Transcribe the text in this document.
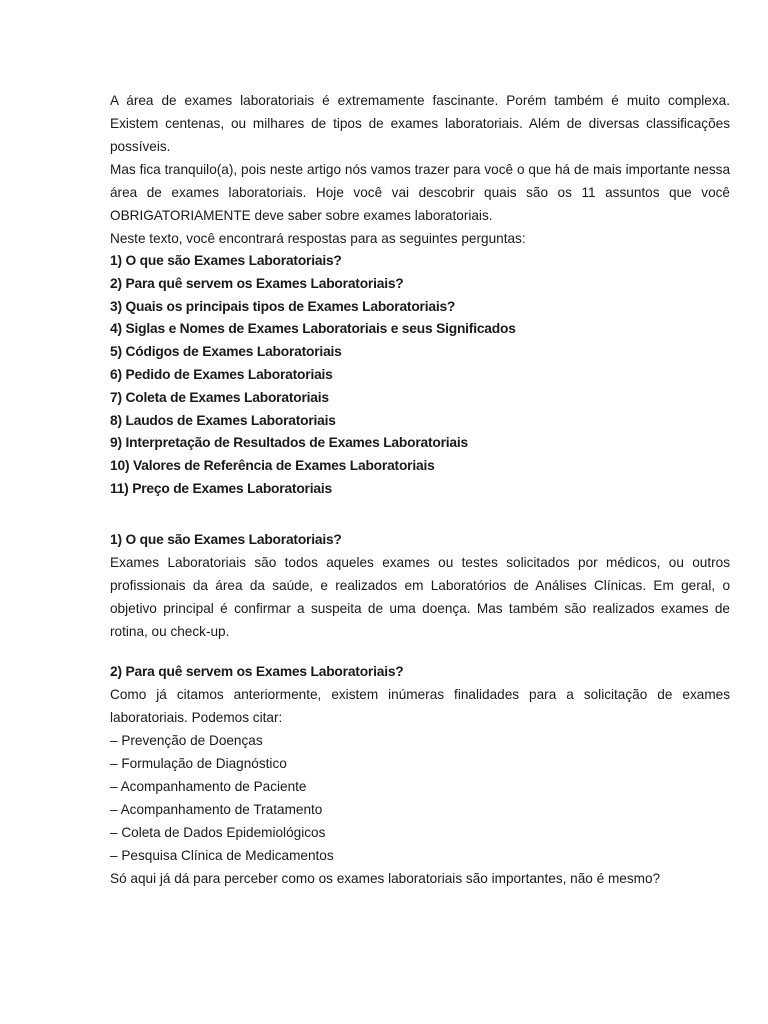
A área de exames laboratoriais é extremamente fascinante. Porém também é muito complexa. Existem centenas, ou milhares de tipos de exames laboratoriais. Além de diversas classificações possíveis.

Mas fica tranquilo(a), pois neste artigo nós vamos trazer para você o que há de mais importante nessa área de exames laboratoriais. Hoje você vai descobrir quais são os 11 assuntos que você OBRIGATORIAMENTE deve saber sobre exames laboratoriais.

Neste texto, você encontrará respostas para as seguintes perguntas:

1) O que são Exames Laboratoriais?
2) Para quê servem os Exames Laboratoriais?
3) Quais os principais tipos de Exames Laboratoriais?
4) Siglas e Nomes de Exames Laboratoriais e seus Significados
5) Códigos de Exames Laboratoriais
6) Pedido de Exames Laboratoriais
7) Coleta de Exames Laboratoriais
8) Laudos de Exames Laboratoriais
9) Interpretação de Resultados de Exames Laboratoriais
10) Valores de Referência de Exames Laboratoriais
11) Preço de Exames Laboratoriais
1) O que são Exames Laboratoriais?

Exames Laboratoriais são todos aqueles exames ou testes solicitados por médicos, ou outros profissionais da área da saúde, e realizados em Laboratórios de Análises Clínicas. Em geral, o objetivo principal é confirmar a suspeita de uma doença. Mas também são realizados exames de rotina, ou check-up.

2) Para quê servem os Exames Laboratoriais?

Como já citamos anteriormente, existem inúmeras finalidades para a solicitação de exames laboratoriais. Podemos citar:

– Prevenção de Doenças
– Formulação de Diagnóstico
– Acompanhamento de Paciente
– Acompanhamento de Tratamento
– Coleta de Dados Epidemiológicos
– Pesquisa Clínica de Medicamentos

Só aqui já dá para perceber como os exames laboratoriais são importantes, não é mesmo?
